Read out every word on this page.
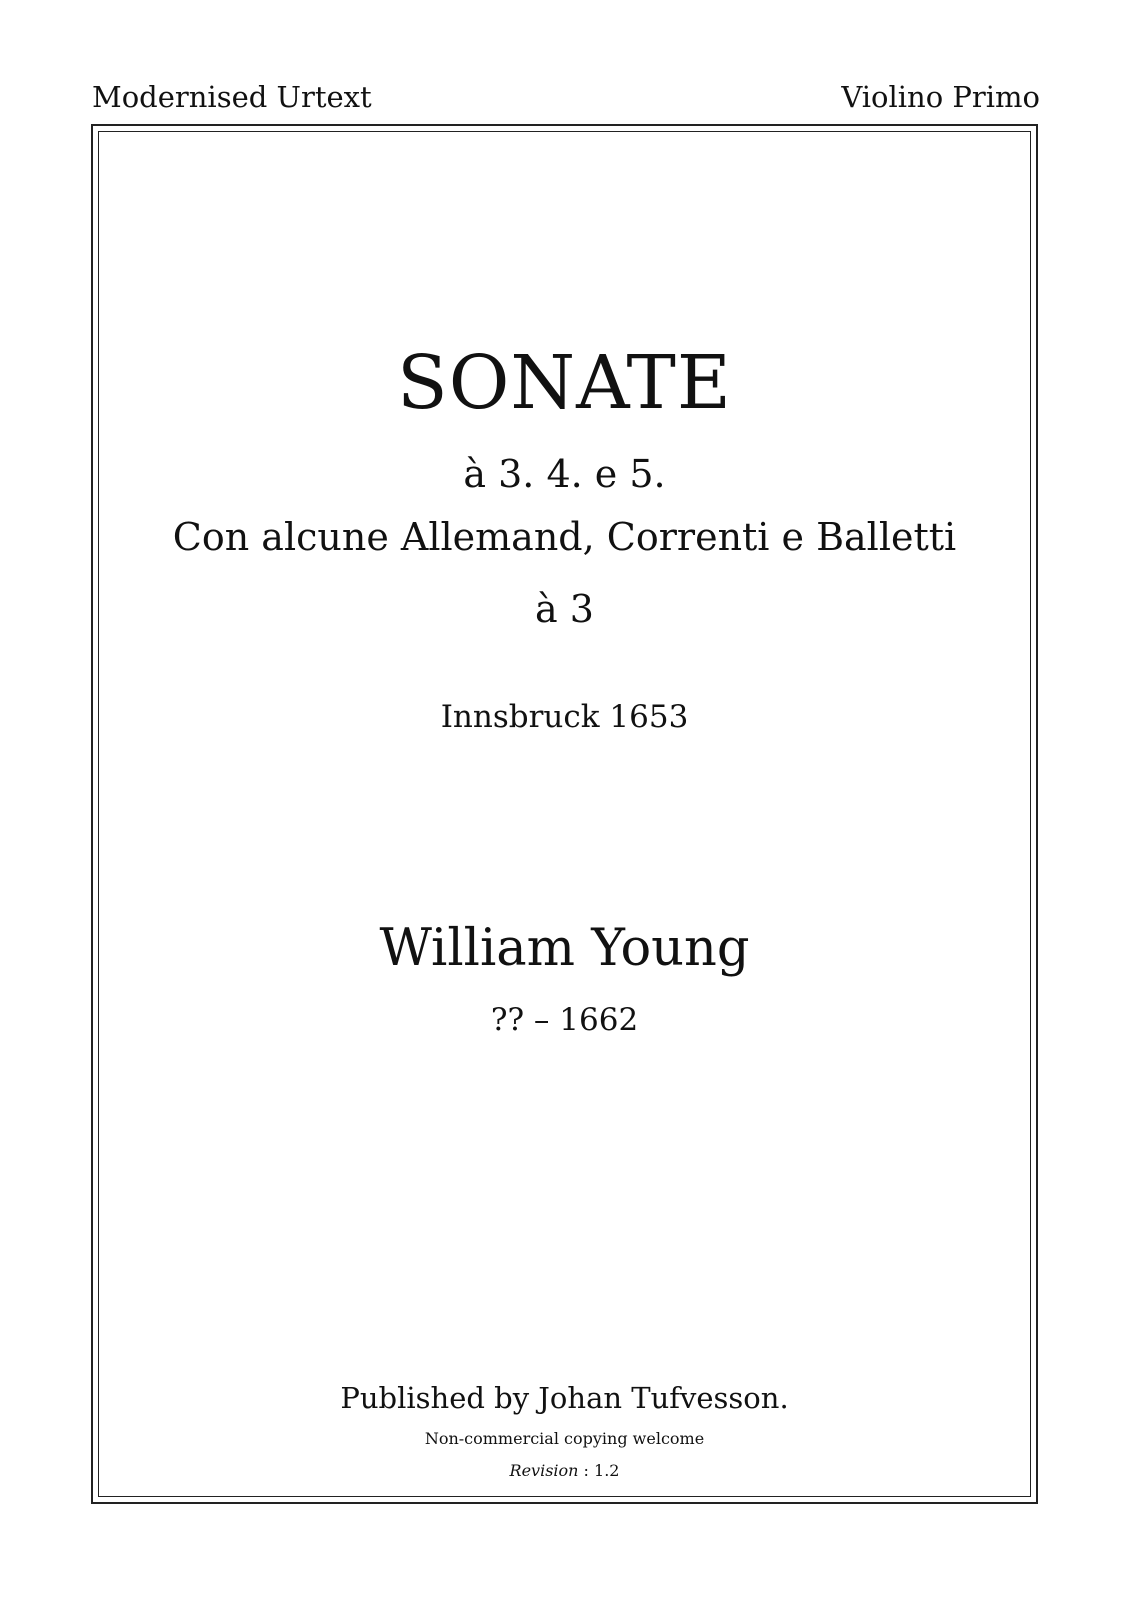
Modernised Urtext	Violino Primo
SONATE
à 3. 4. e 5.
Con alcune Allemand, Correnti e Balletti
à 3
Innsbruck 1653
William Young
?? – 1662
Published by Johan Tufvesson.
Non-commercial copying welcome
Revision : 1.2
